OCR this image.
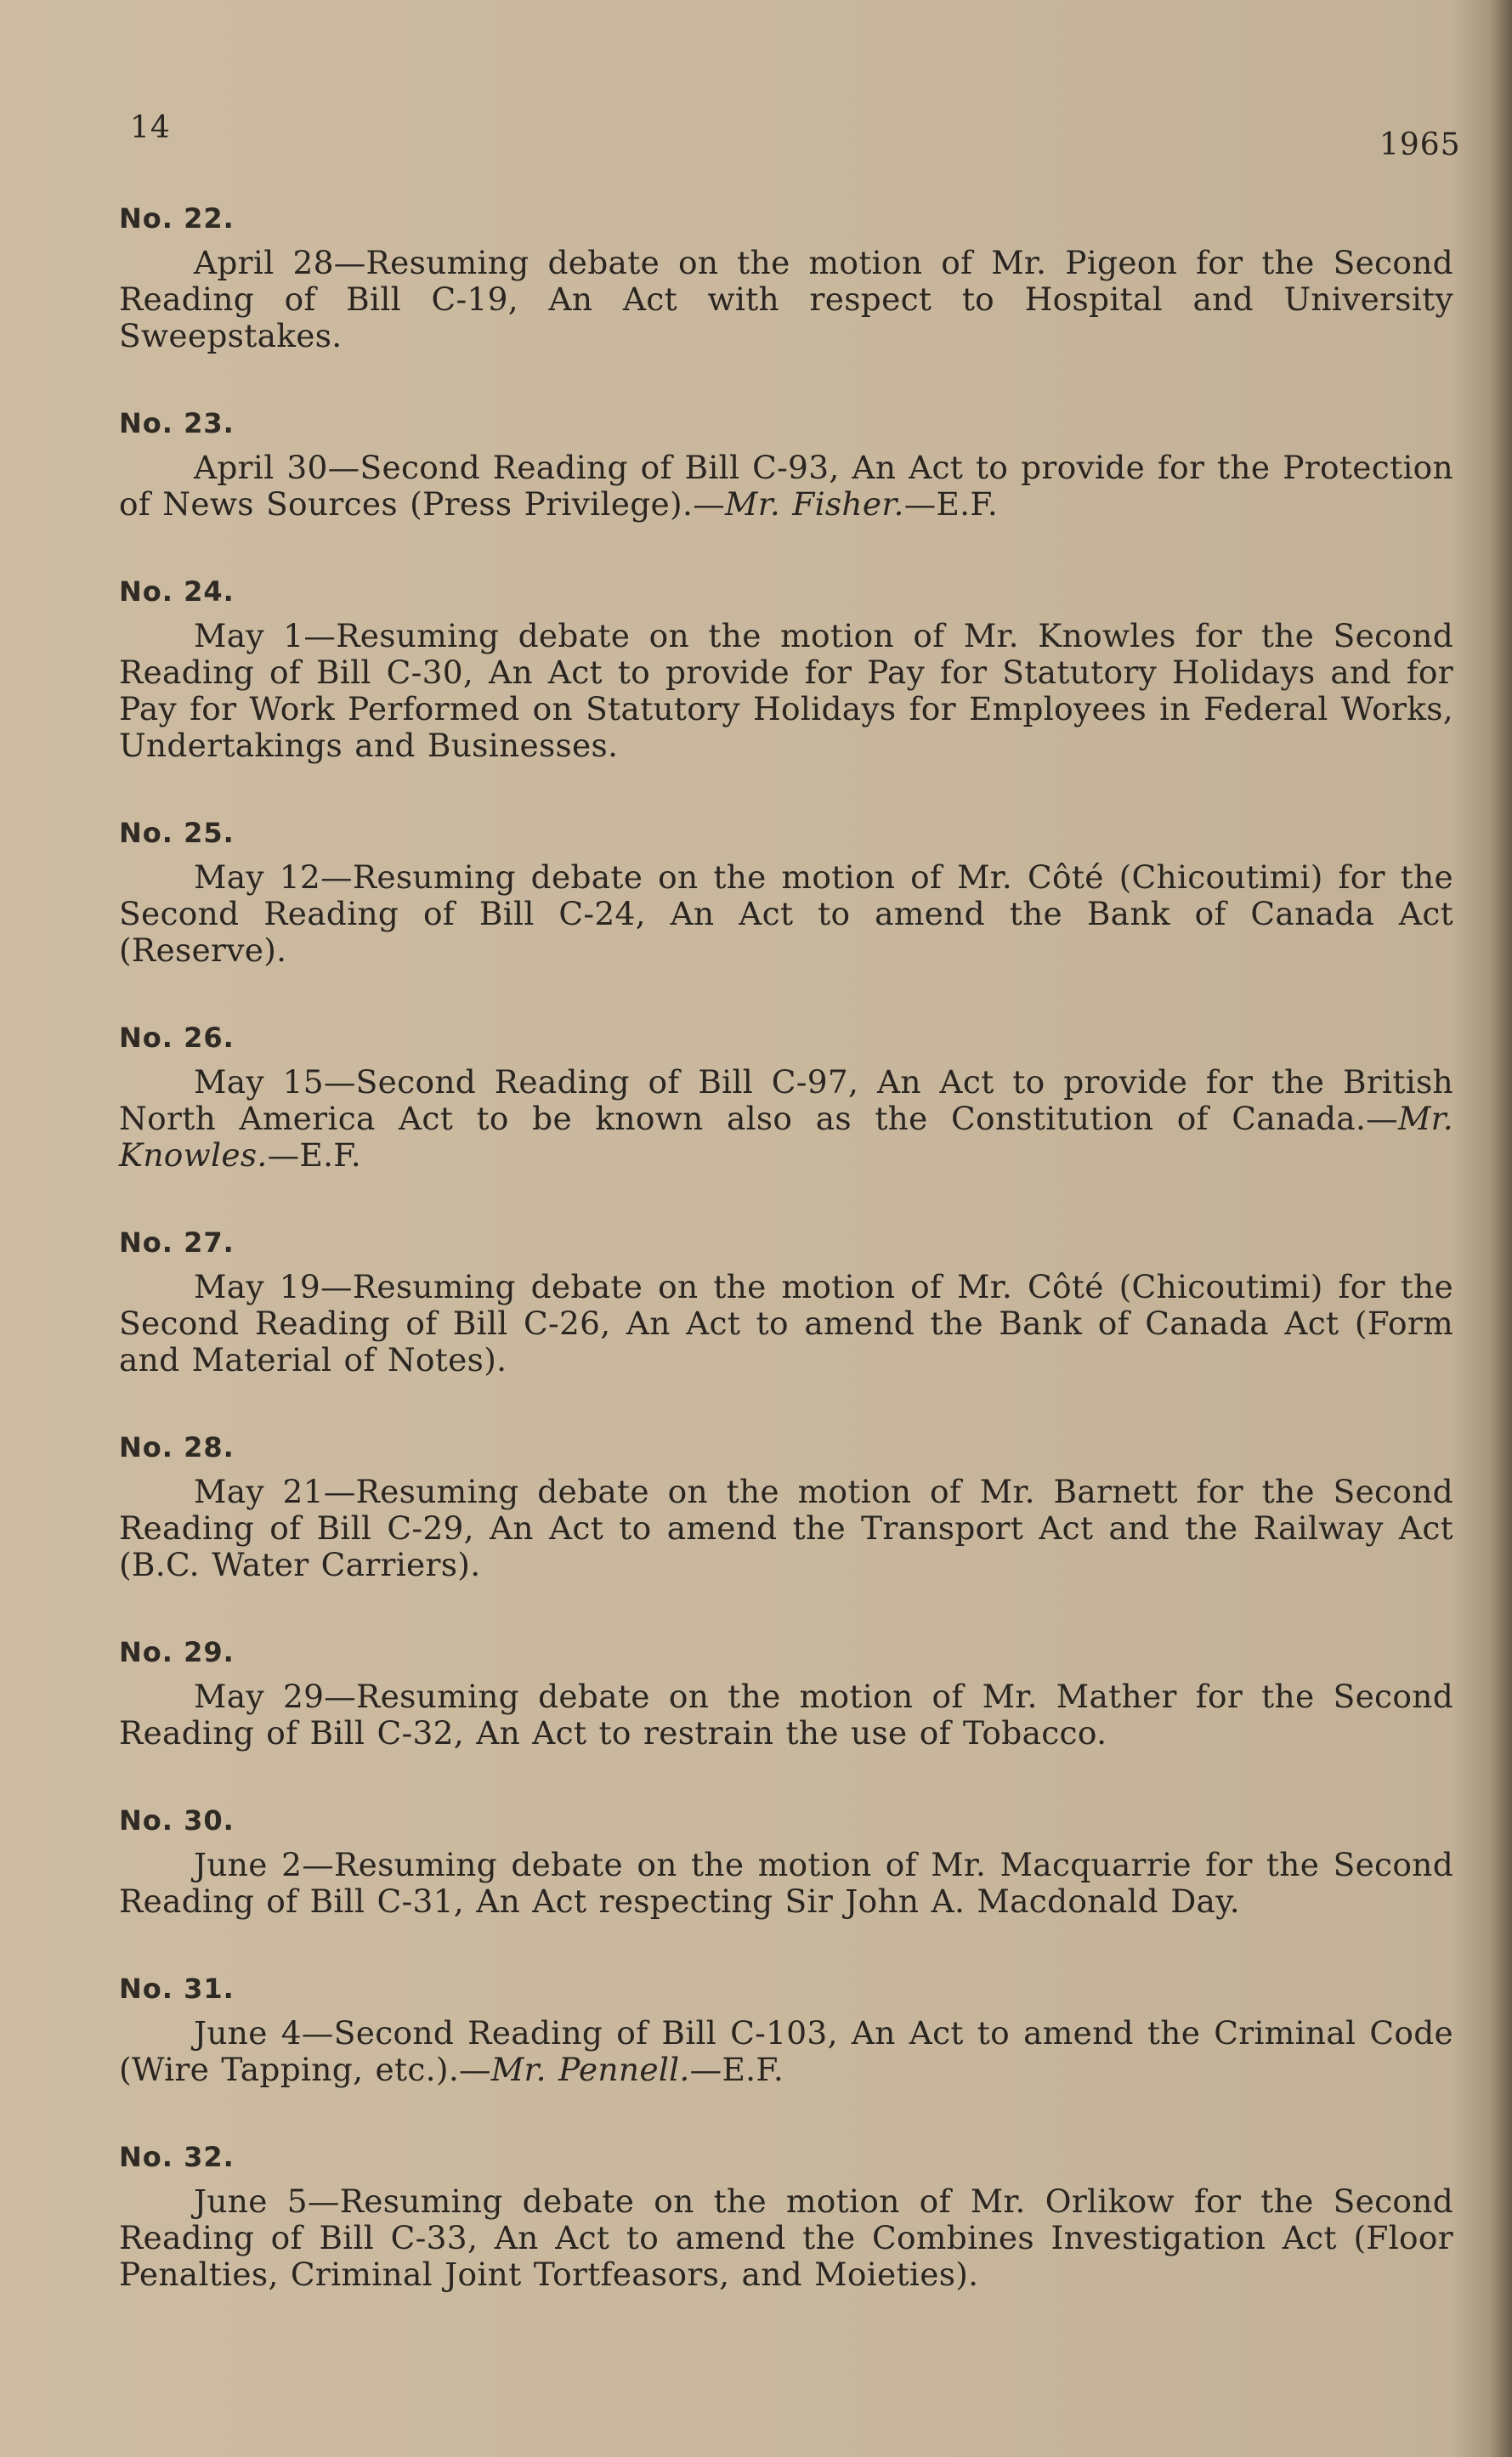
14	1965
No. 22.
April 28—Resuming debate on the motion of Mr. Pigeon for the Second Reading of Bill C-19, An Act with respect to Hospital and University Sweepstakes.
No. 23.
April 30—Second Reading of Bill C-93, An Act to provide for the Protection of News Sources (Press Privilege).—Mr. Fisher.—E.F.
No. 24.
May 1—Resuming debate on the motion of Mr. Knowles for the Second Reading of Bill C-30, An Act to provide for Pay for Statutory Holidays and for Pay for Work Performed on Statutory Holidays for Employees in Federal Works, Undertakings and Businesses.
No. 25.
May 12—Resuming debate on the motion of Mr. Côté (Chicoutimi) for the Second Reading of Bill C-24, An Act to amend the Bank of Canada Act (Reserve).
No. 26.
May 15—Second Reading of Bill C-97, An Act to provide for the British North America Act to be known also as the Constitution of Canada.—Mr. Knowles.—E.F.
No. 27.
May 19—Resuming debate on the motion of Mr. Côté (Chicoutimi) for the Second Reading of Bill C-26, An Act to amend the Bank of Canada Act (Form and Material of Notes).
No. 28.
May 21—Resuming debate on the motion of Mr. Barnett for the Second Reading of Bill C-29, An Act to amend the Transport Act and the Railway Act (B.C. Water Carriers).
No. 29.
May 29—Resuming debate on the motion of Mr. Mather for the Second Reading of Bill C-32, An Act to restrain the use of Tobacco.
No. 30.
June 2—Resuming debate on the motion of Mr. Macquarrie for the Second Reading of Bill C-31, An Act respecting Sir John A. Macdonald Day.
No. 31.
June 4—Second Reading of Bill C-103, An Act to amend the Criminal Code (Wire Tapping, etc.).—Mr. Pennell.—E.F.
No. 32.
June 5—Resuming debate on the motion of Mr. Orlikow for the Second Reading of Bill C-33, An Act to amend the Combines Investigation Act (Floor Penalties, Criminal Joint Tortfeasors, and Moieties).
